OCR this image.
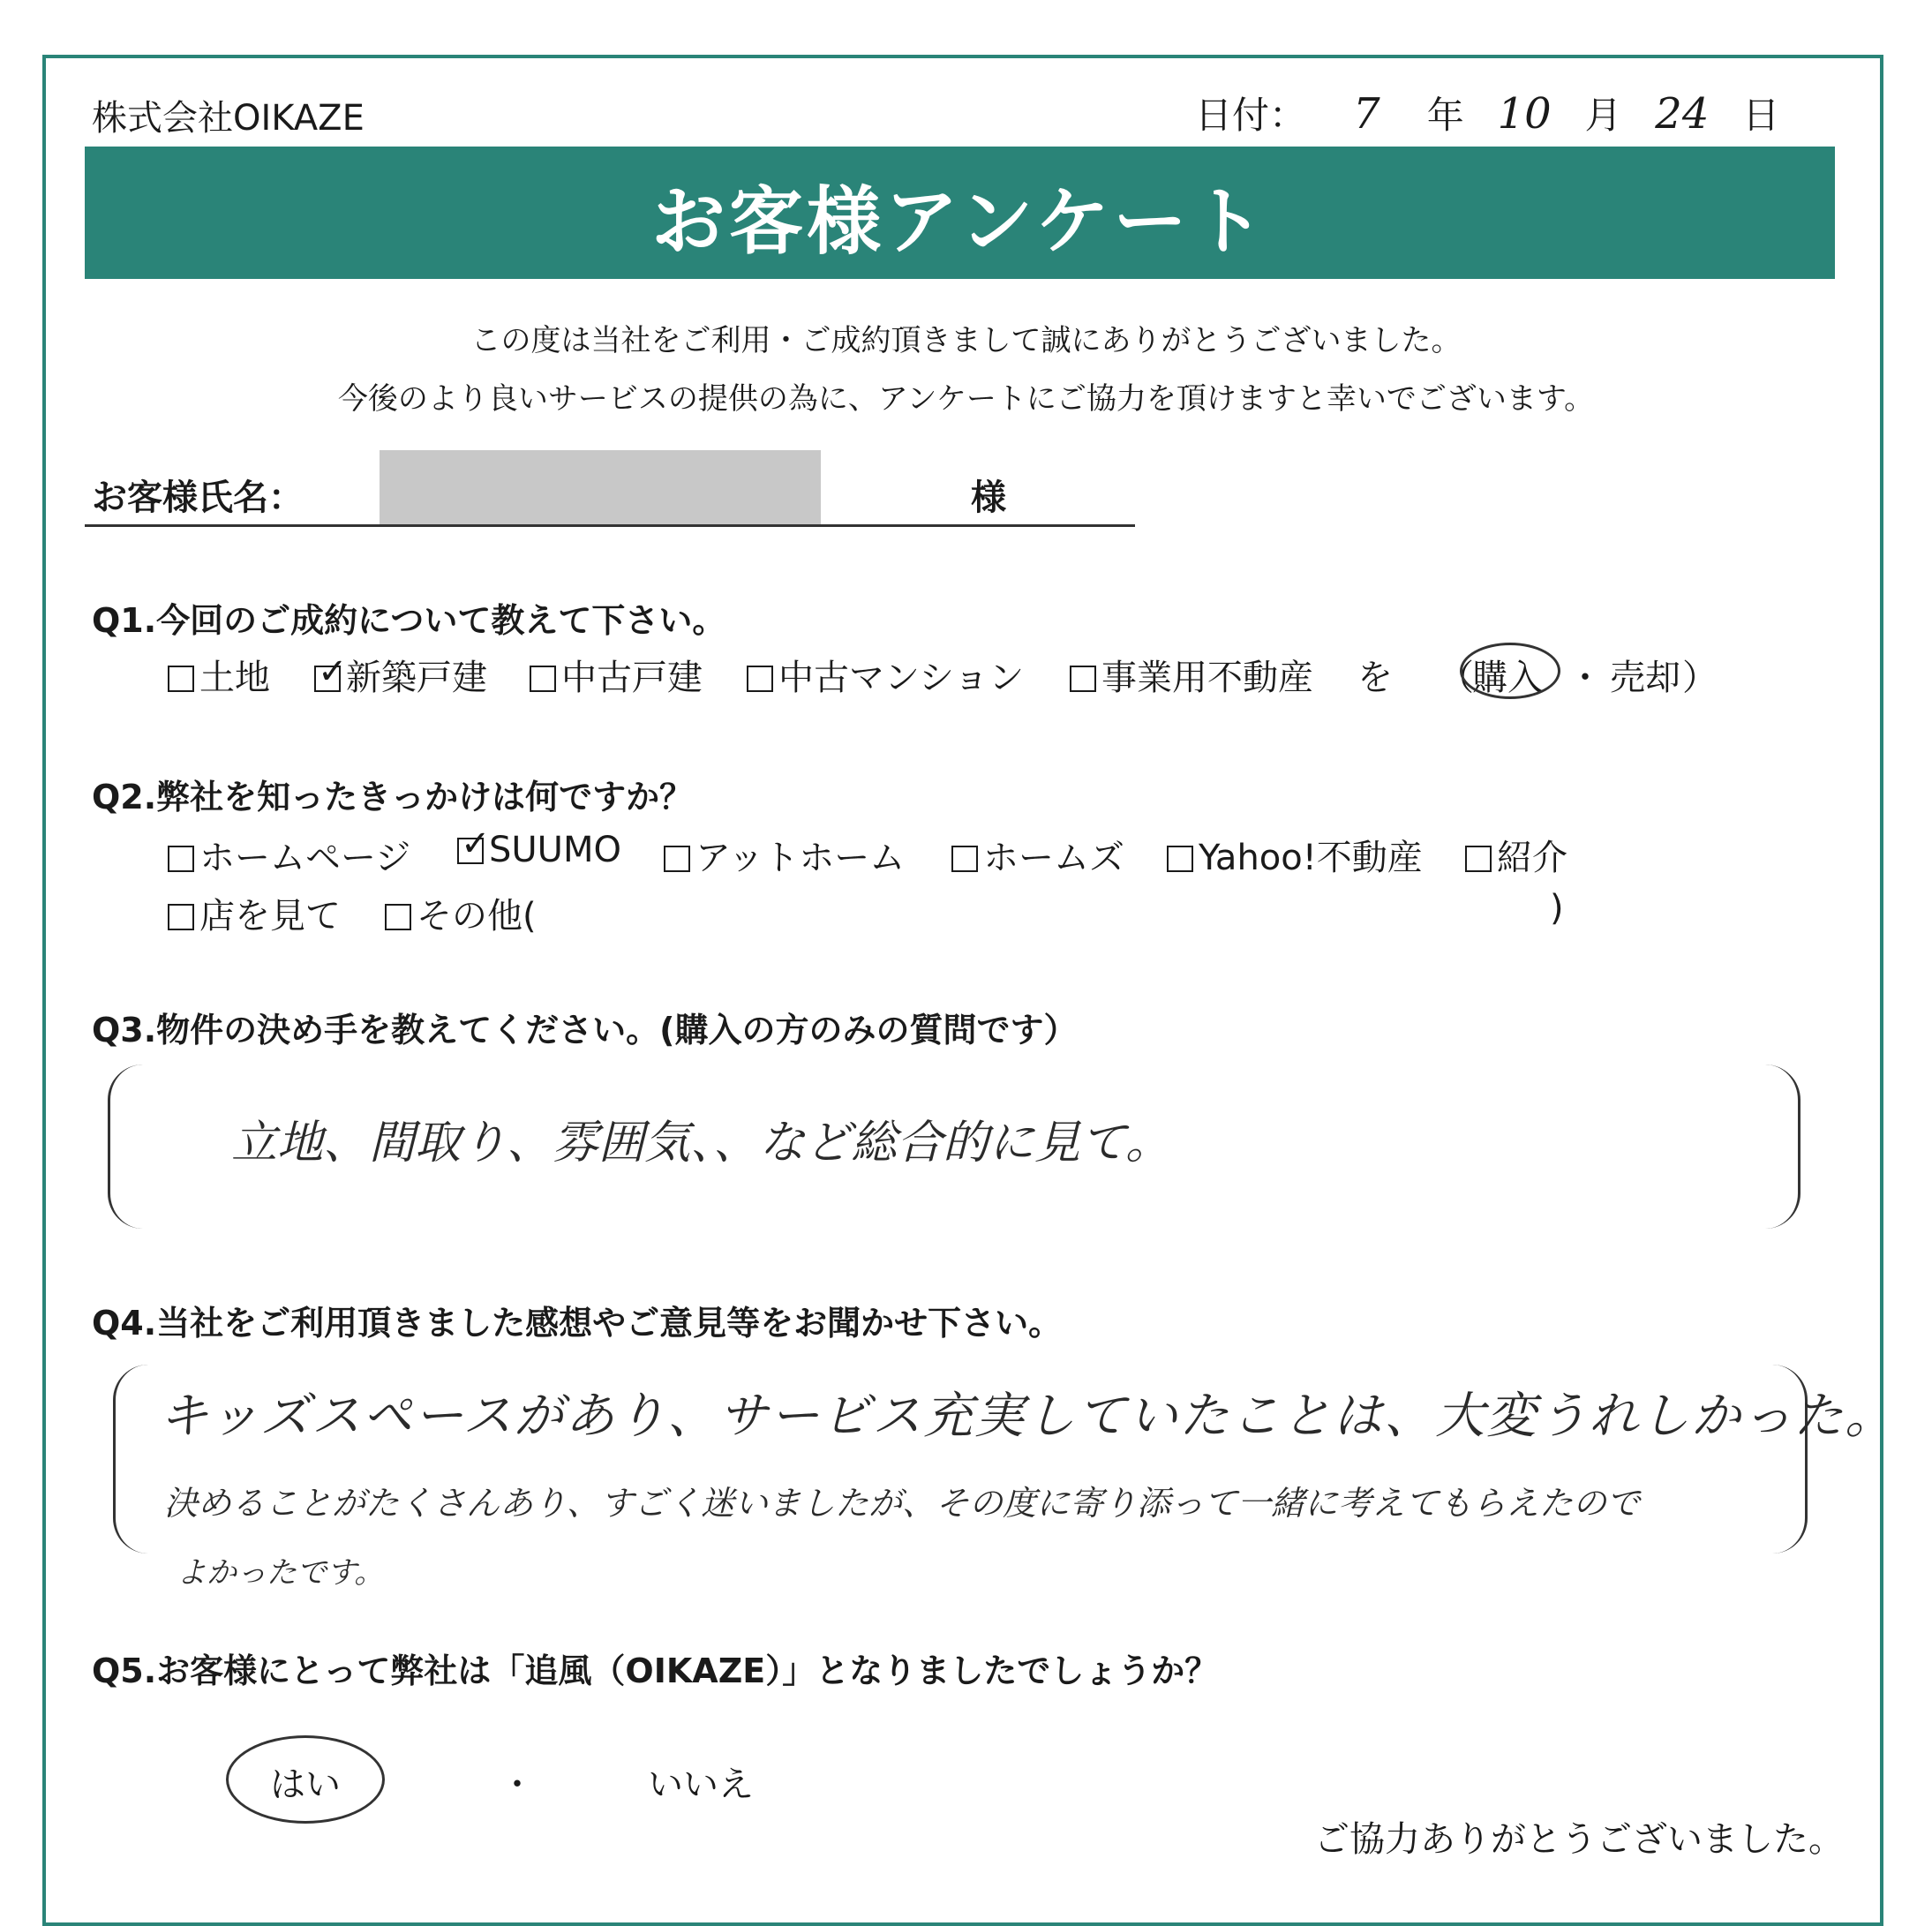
株式会社OIKAZE	日付： 7 年 10 月 24 日
お客様アンケート
この度は当社をご利用・ご成約頂きまして誠にありがとうございました。
今後のより良いサービスの提供の為に、アンケートにご協力を頂けますと幸いでございます。
お客様氏名：	様
Q1.今回のご成約について教えて下さい。
土地 ✓	新築戸建	中古戸建	中古マンション	事業用不動産 を （
購入 ・ 売却 ）
Q2.弊社を知ったきっかけは何ですか？
ホームページ ✓	SUUMO	アットホーム	ホームズ	Yahoo!不動産	紹介
店を見て	その他(	)
Q3.物件の決め手を教えてください。(購入の方のみの質問です）
立地、間取り、雰囲気、、など総合的に見て。
Q4.当社をご利用頂きました感想やご意見等をお聞かせ下さい。
キッズスペースがあり、サービス充実していたことは、大変うれしかった。
決めることがたくさんあり、すごく迷いましたが、その度に寄り添って一緒に考えてもらえたので
よかったです。
Q5.お客様にとって弊社は「追風（OIKAZE）」となりましたでしょうか？
はい	・	いいえ
ご協力ありがとうございました。
